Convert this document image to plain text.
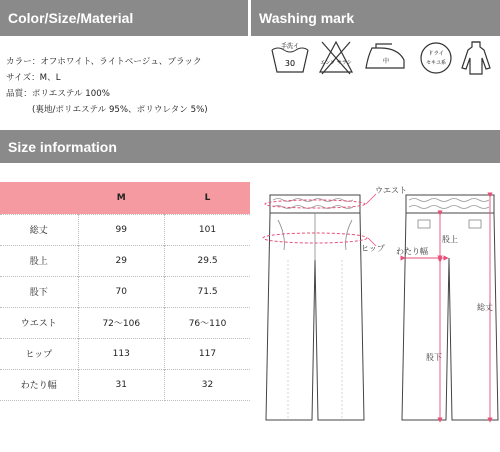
Color/Size/Material	Washing mark
カラー：オフホワイト、ライトベージュ、ブラック
サイズ：M、L
品質：ポリエステル 100%
(裏地/ポリエステル 95%、ポリウレタン 5%)
手洗イ
30	エンソ サラシ	中
ドライ
セキユ系
Size information
	M	L
総丈	99	101
股上	29	29.5
股下	70	71.5
ウエスト	72～106	76～110
ヒップ	113	117
わたり幅	31	32
ウエスト
ヒップ
股上
わたり幅
股下
総丈
